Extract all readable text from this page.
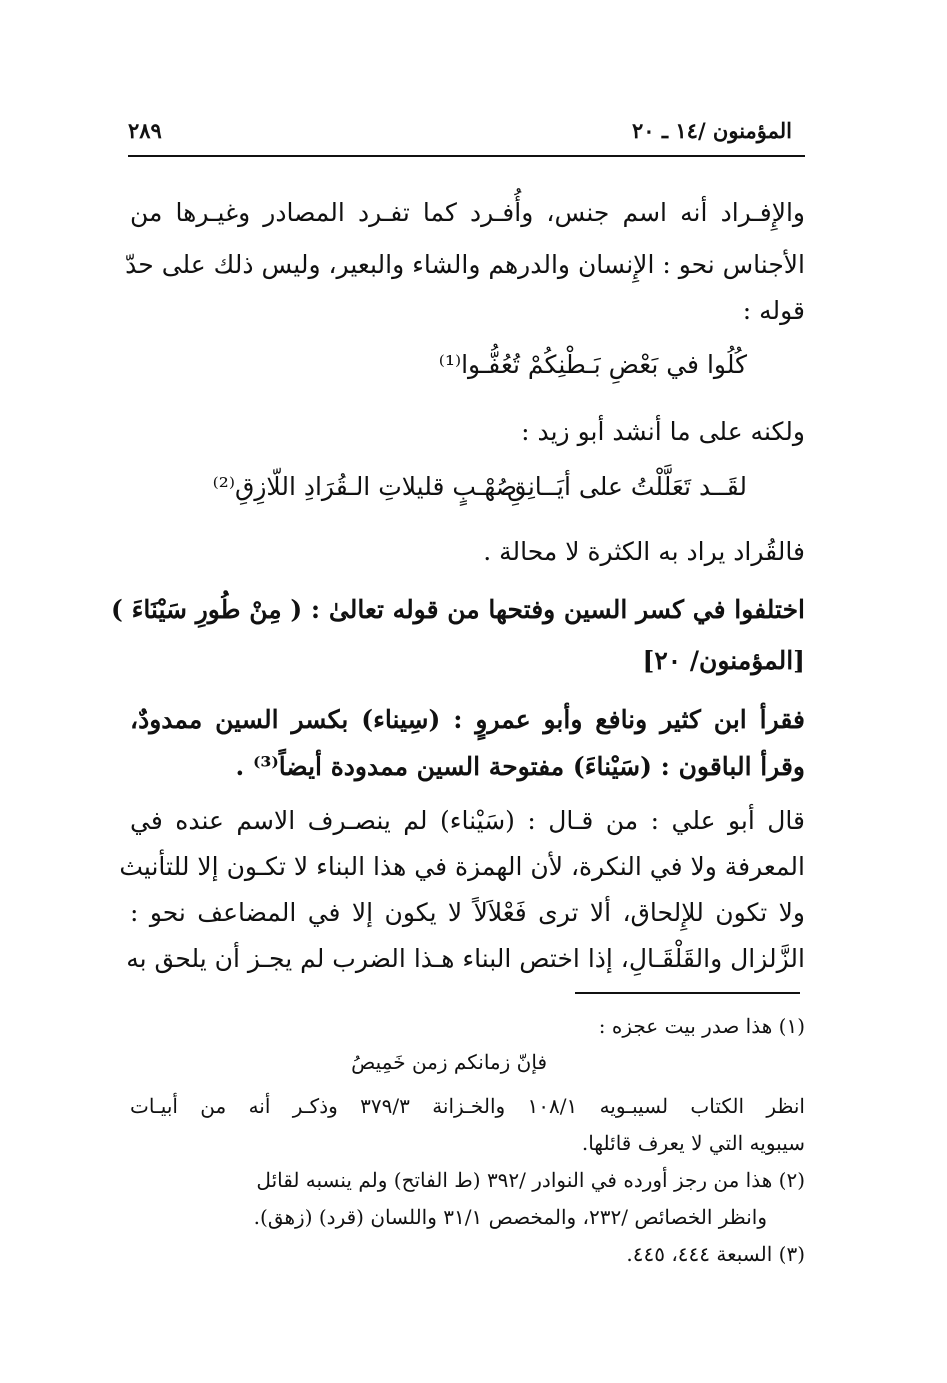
المؤمنون /١٤ ـ ٢٠
٢٨٩
والإِفـراد أنه اسم جنس، وأُفـرد كما تفـرد المصادر وغيـرها من
الأجناس نحو : الإِنسان والدرهم والشاء والبعير، وليس ذلك على حدّ
قوله :
كُلُوا في بَعْضِ بَـطْنِكُمْ تُعُفُّـوا⁽¹⁾
ولكنه على ما أنشد أبو زيد :
لقَــد تَعَلَّلْتُ على أيَــانِقِ
صُهْـبٍ قليلاتِ الـقُرَادِ اللّازِقِ⁽²⁾
فالقُراد يراد به الكثرة لا محالة .
اختلفوا في كسر السين وفتحها من قوله تعالىٰ : ( مِنْ طُورِ سَيْنَاءَ )
[المؤمنون/ ٢٠]
فقرأ ابن كثير ونافع وأبو عمروٍ : (سِيناء) بكسر السين ممدودٌ،
وقرأ الباقون : (سَيْناءَ) مفتوحة السين ممدودة أيضاً⁽³⁾ .
قال أبو علي : من قـال : (سَيْناء) لم ينصـرف الاسم عنده في
المعرفة ولا في النكرة، لأن الهمزة في هذا البناء لا تكـون إلا للتأنيث
ولا تكون للإِلحاق، ألا ترى فَعْلاَلاً لا يكون إلا في المضاعف نحو :
الزَّلزال والقَلْقَـالِ، إذا اختص البناء هـذا الضرب لم يجـز أن يلحق به
(١) هذا صدر بيت عجزه :
فإنّ زمانكم زمن خَمِيصُ
انظر الكتاب لسيبـويه ١٠٨/١ والخـزانة ٣٧٩/٣ وذكـر أنه من أبيـات
سيبويه التي لا يعرف قائلها.
(٢) هذا من رجز أورده في النوادر /٣٩٢ (ط الفاتح) ولم ينسبه لقائل
وانظر الخصائص /٢٣٢، والمخصص ٣١/١ واللسان (قرد) (زهق).
(٣) السبعة ٤٤٤، ٤٤٥.
